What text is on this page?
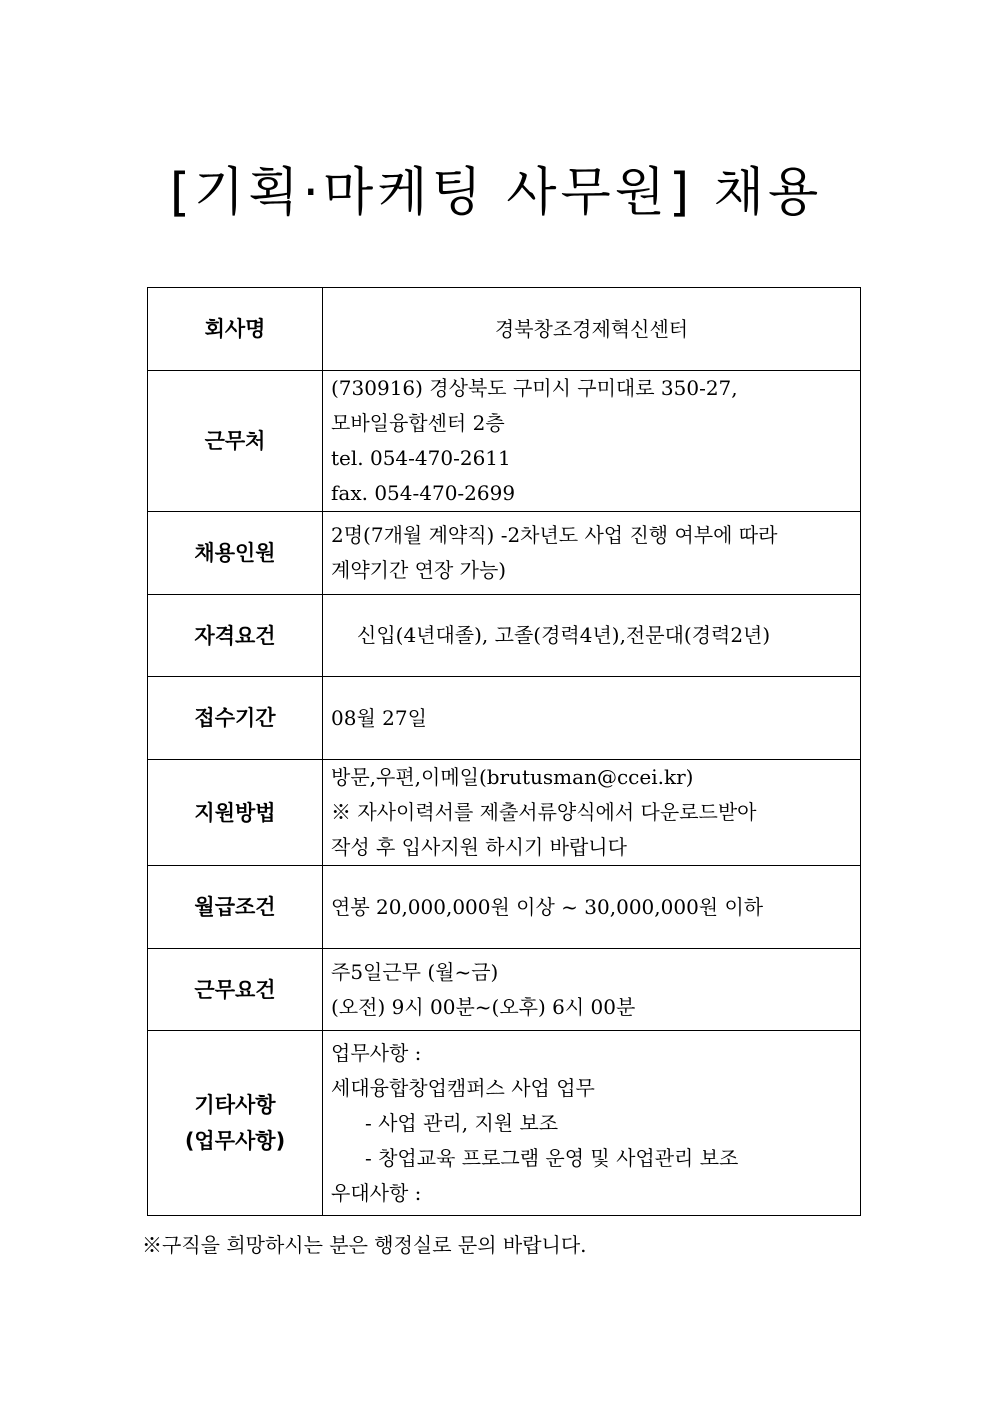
[기획·마케팅 사무원] 채용
회사명	경북창조경제혁신센터

근무처	(730916) 경상북도 구미시 구미대로 350-27,
모바일융합센터 2층
tel. 054-470-2611
fax. 054-470-2699

채용인원	2명(7개월 계약직) -2차년도 사업 진행 여부에 따라
계약기간 연장 가능)

자격요건	신입(4년대졸), 고졸(경력4년),전문대(경력2년)

접수기간	08월 27일

지원방법	방문,우편,이메일(brutusman@ccei.kr)
※ 자사이력서를 제출서류양식에서 다운로드받아
작성 후 입사지원 하시기 바랍니다

월급조건	연봉 20,000,000원 이상 ~ 30,000,000원 이하

근무요건	주5일근무 (월~금)
(오전) 9시 00분~(오후) 6시 00분

기타사항
(업무사항)	업무사항 :
세대융합창업캠퍼스 사업 업무
- 사업 관리, 지원 보조
- 창업교육 프로그램 운영 및 사업관리 보조
우대사항 :
※구직을 희망하시는 분은 행정실로 문의 바랍니다.
